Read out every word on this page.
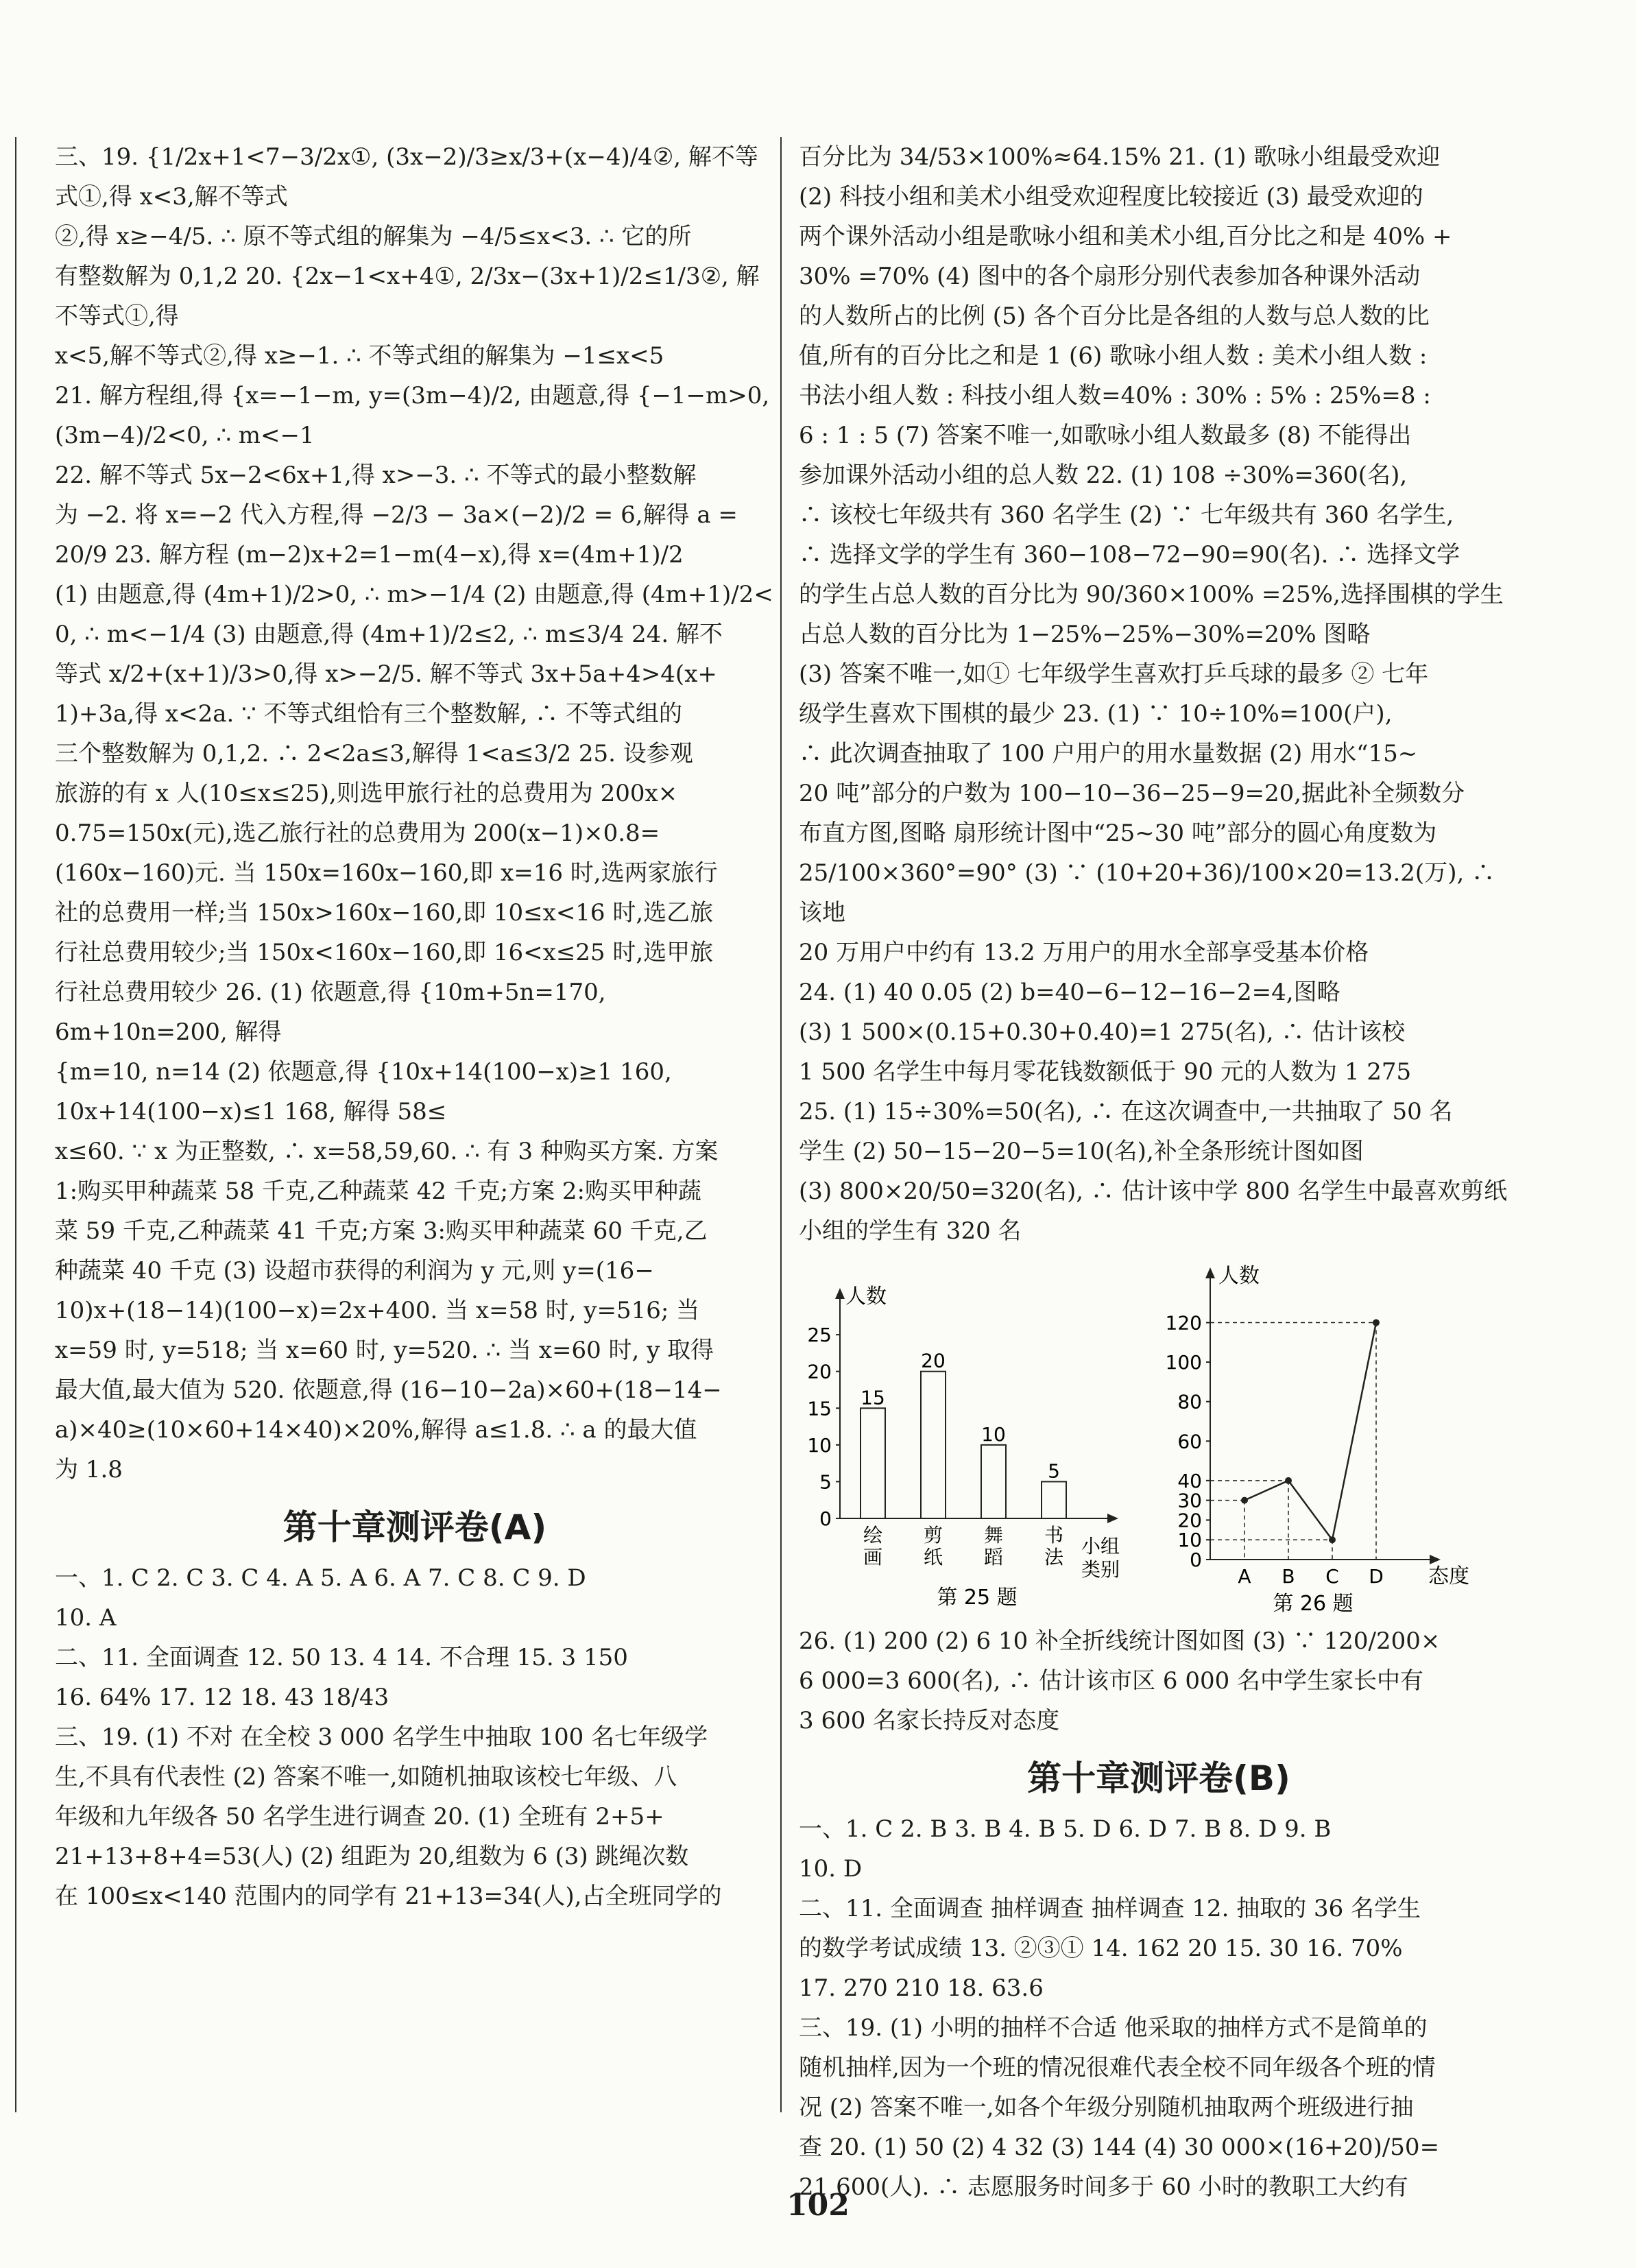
三、19. {1/2x+1<7−3/2x①, (3x−2)/3≥x/3+(x−4)/4②, 解不等式①,得 x<3,解不等式

②,得 x≥−4/5. ∴ 原不等式组的解集为 −4/5≤x<3. ∴ 它的所

有整数解为 0,1,2 20. {2x−1<x+4①, 2/3x−(3x+1)/2≤1/3②, 解不等式①,得

x<5,解不等式②,得 x≥−1. ∴ 不等式组的解集为 −1≤x<5

21. 解方程组,得 {x=−1−m, y=(3m−4)/2, 由题意,得 {−1−m>0, (3m−4)/2<0, ∴ m<−1

22. 解不等式 5x−2<6x+1,得 x>−3. ∴ 不等式的最小整数解

为 −2. 将 x=−2 代入方程,得 −2/3 − 3a×(−2)/2 = 6,解得 a =

20/9 23. 解方程 (m−2)x+2=1−m(4−x),得 x=(4m+1)/2

(1) 由题意,得 (4m+1)/2>0, ∴ m>−1/4 (2) 由题意,得 (4m+1)/2<

0, ∴ m<−1/4 (3) 由题意,得 (4m+1)/2≤2, ∴ m≤3/4 24. 解不

等式 x/2+(x+1)/3>0,得 x>−2/5. 解不等式 3x+5a+4>4(x+

1)+3a,得 x<2a. ∵ 不等式组恰有三个整数解, ∴ 不等式组的

三个整数解为 0,1,2. ∴ 2<2a≤3,解得 1<a≤3/2 25. 设参观

旅游的有 x 人(10≤x≤25),则选甲旅行社的总费用为 200x×

0.75=150x(元),选乙旅行社的总费用为 200(x−1)×0.8=

(160x−160)元. 当 150x=160x−160,即 x=16 时,选两家旅行

社的总费用一样;当 150x>160x−160,即 10≤x<16 时,选乙旅

行社总费用较少;当 150x<160x−160,即 16<x≤25 时,选甲旅

行社总费用较少 26. (1) 依题意,得 {10m+5n=170, 6m+10n=200, 解得

{m=10, n=14 (2) 依题意,得 {10x+14(100−x)≥1 160, 10x+14(100−x)≤1 168, 解得 58≤

x≤60. ∵ x 为正整数, ∴ x=58,59,60. ∴ 有 3 种购买方案. 方案

1:购买甲种蔬菜 58 千克,乙种蔬菜 42 千克;方案 2:购买甲种蔬

菜 59 千克,乙种蔬菜 41 千克;方案 3:购买甲种蔬菜 60 千克,乙

种蔬菜 40 千克 (3) 设超市获得的利润为 y 元,则 y=(16−

10)x+(18−14)(100−x)=2x+400. 当 x=58 时, y=516; 当

x=59 时, y=518; 当 x=60 时, y=520. ∴ 当 x=60 时, y 取得

最大值,最大值为 520. 依题意,得 (16−10−2a)×60+(18−14−

a)×40≥(10×60+14×40)×20%,解得 a≤1.8. ∴ a 的最大值

为 1.8

第十章测评卷(A)

一、1. C 2. C 3. C 4. A 5. A 6. A 7. C 8. C 9. D

10. A

二、11. 全面调查 12. 50 13. 4 14. 不合理 15. 3 150

16. 64% 17. 12 18. 43 18/43

三、19. (1) 不对 在全校 3 000 名学生中抽取 100 名七年级学

生,不具有代表性 (2) 答案不唯一,如随机抽取该校七年级、八

年级和九年级各 50 名学生进行调查 20. (1) 全班有 2+5+

21+13+8+4=53(人) (2) 组距为 20,组数为 6 (3) 跳绳次数

在 100≤x<140 范围内的同学有 21+13=34(人),占全班同学的

百分比为 34/53×100%≈64.15% 21. (1) 歌咏小组最受欢迎

(2) 科技小组和美术小组受欢迎程度比较接近 (3) 最受欢迎的

两个课外活动小组是歌咏小组和美术小组,百分比之和是 40% +

30% =70% (4) 图中的各个扇形分别代表参加各种课外活动

的人数所占的比例 (5) 各个百分比是各组的人数与总人数的比

值,所有的百分比之和是 1 (6) 歌咏小组人数 : 美术小组人数 :

书法小组人数 : 科技小组人数=40% : 30% : 5% : 25%=8 :

6 : 1 : 5 (7) 答案不唯一,如歌咏小组人数最多 (8) 不能得出

参加课外活动小组的总人数 22. (1) 108 ÷30%=360(名),

∴ 该校七年级共有 360 名学生 (2) ∵ 七年级共有 360 名学生,

∴ 选择文学的学生有 360−108−72−90=90(名). ∴ 选择文学

的学生占总人数的百分比为 90/360×100% =25%,选择围棋的学生

占总人数的百分比为 1−25%−25%−30%=20% 图略

(3) 答案不唯一,如① 七年级学生喜欢打乒乓球的最多 ② 七年

级学生喜欢下围棋的最少 23. (1) ∵ 10÷10%=100(户),

∴ 此次调查抽取了 100 户用户的用水量数据 (2) 用水“15~

20 吨”部分的户数为 100−10−36−25−9=20,据此补全频数分

布直方图,图略 扇形统计图中“25~30 吨”部分的圆心角度数为

25/100×360°=90° (3) ∵ (10+20+36)/100×20=13.2(万), ∴ 该地

20 万用户中约有 13.2 万用户的用水全部享受基本价格

24. (1) 40 0.05 (2) b=40−6−12−16−2=4,图略

(3) 1 500×(0.15+0.30+0.40)=1 275(名), ∴ 估计该校

1 500 名学生中每月零花钱数额低于 90 元的人数为 1 275

25. (1) 15÷30%=50(名), ∴ 在这次调查中,一共抽取了 50 名

学生 (2) 50−15−20−5=10(名),补全条形统计图如图

(3) 800×20/50=320(名), ∴ 估计该中学 800 名学生中最喜欢剪纸

小组的学生有 320 名

人数
0
5
10
15
20
25
15
绘
画
20
剪
纸
10
舞
蹈
5
书
法 小组
类别
第 25 题
人数
0
10
20
30
40
60
80
100
120
A B C D 态度
第 26 题

26. (1) 200 (2) 6 10 补全折线统计图如图 (3) ∵ 120/200×

6 000=3 600(名), ∴ 估计该市区 6 000 名中学生家长中有

3 600 名家长持反对态度

第十章测评卷(B)

一、1. C 2. B 3. B 4. B 5. D 6. D 7. B 8. D 9. B

10. D

二、11. 全面调查 抽样调查 抽样调查 12. 抽取的 36 名学生

的数学考试成绩 13. ②③① 14. 162 20 15. 30 16. 70%

17. 270 210 18. 63.6

三、19. (1) 小明的抽样不合适 他采取的抽样方式不是简单的

随机抽样,因为一个班的情况很难代表全校不同年级各个班的情

况 (2) 答案不唯一,如各个年级分别随机抽取两个班级进行抽

查 20. (1) 50 (2) 4 32 (3) 144 (4) 30 000×(16+20)/50=

21 600(人). ∴ 志愿服务时间多于 60 小时的教职工大约有

102
